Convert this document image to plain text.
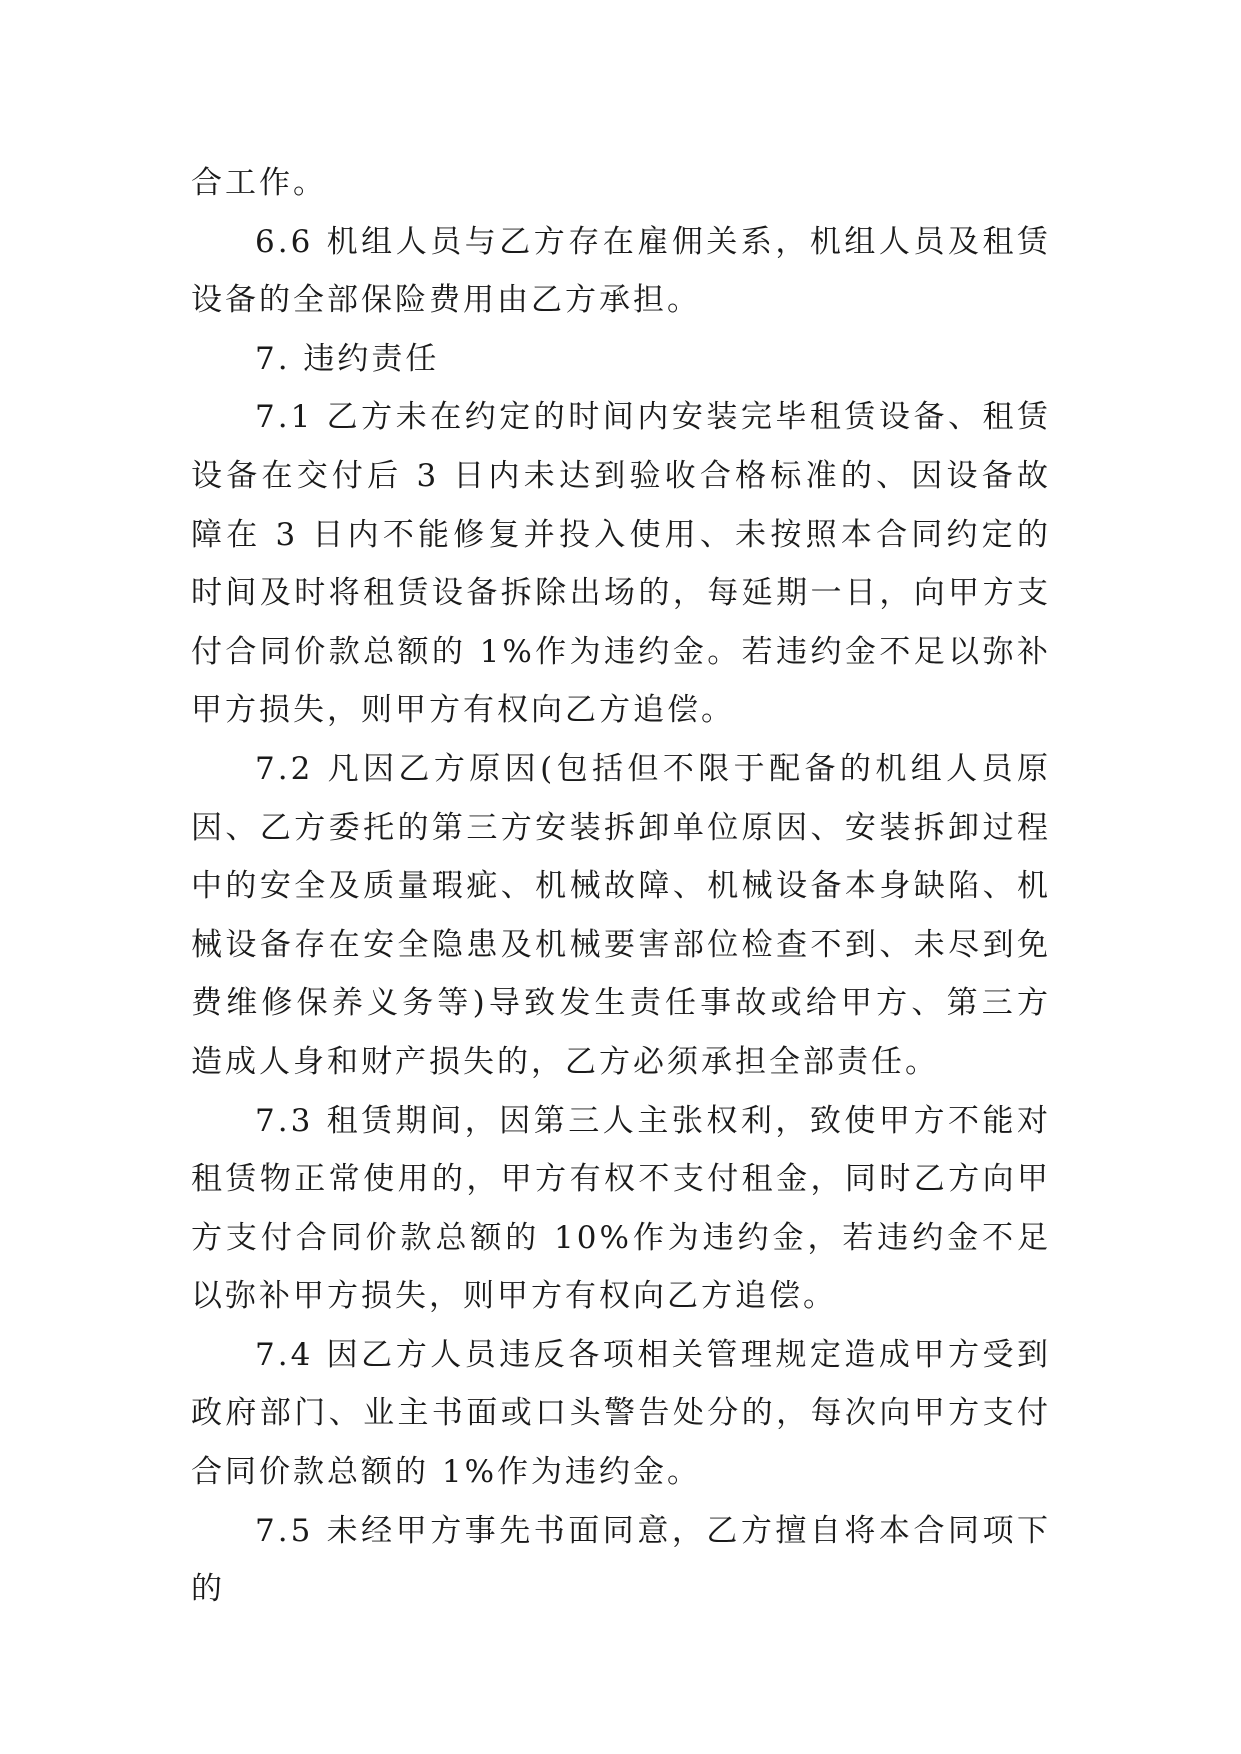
合工作。

6.6 机组人员与乙方存在雇佣关系，机组人员及租赁设备的全部保险费用由乙方承担。

7. 违约责任

7.1 乙方未在约定的时间内安装完毕租赁设备、租赁设备在交付后 3 日内未达到验收合格标准的、因设备故障在 3 日内不能修复并投入使用、未按照本合同约定的时间及时将租赁设备拆除出场的，每延期一日，向甲方支付合同价款总额的 1%作为违约金。若违约金不足以弥补甲方损失，则甲方有权向乙方追偿。

7.2 凡因乙方原因(包括但不限于配备的机组人员原因、乙方委托的第三方安装拆卸单位原因、安装拆卸过程中的安全及质量瑕疵、机械故障、机械设备本身缺陷、机械设备存在安全隐患及机械要害部位检查不到、未尽到免费维修保养义务等)导致发生责任事故或给甲方、第三方造成人身和财产损失的，乙方必须承担全部责任。

7.3 租赁期间，因第三人主张权利，致使甲方不能对租赁物正常使用的，甲方有权不支付租金，同时乙方向甲方支付合同价款总额的 10%作为违约金，若违约金不足以弥补甲方损失，则甲方有权向乙方追偿。

7.4 因乙方人员违反各项相关管理规定造成甲方受到政府部门、业主书面或口头警告处分的，每次向甲方支付合同价款总额的 1%作为违约金。

7.5 未经甲方事先书面同意，乙方擅自将本合同项下的
